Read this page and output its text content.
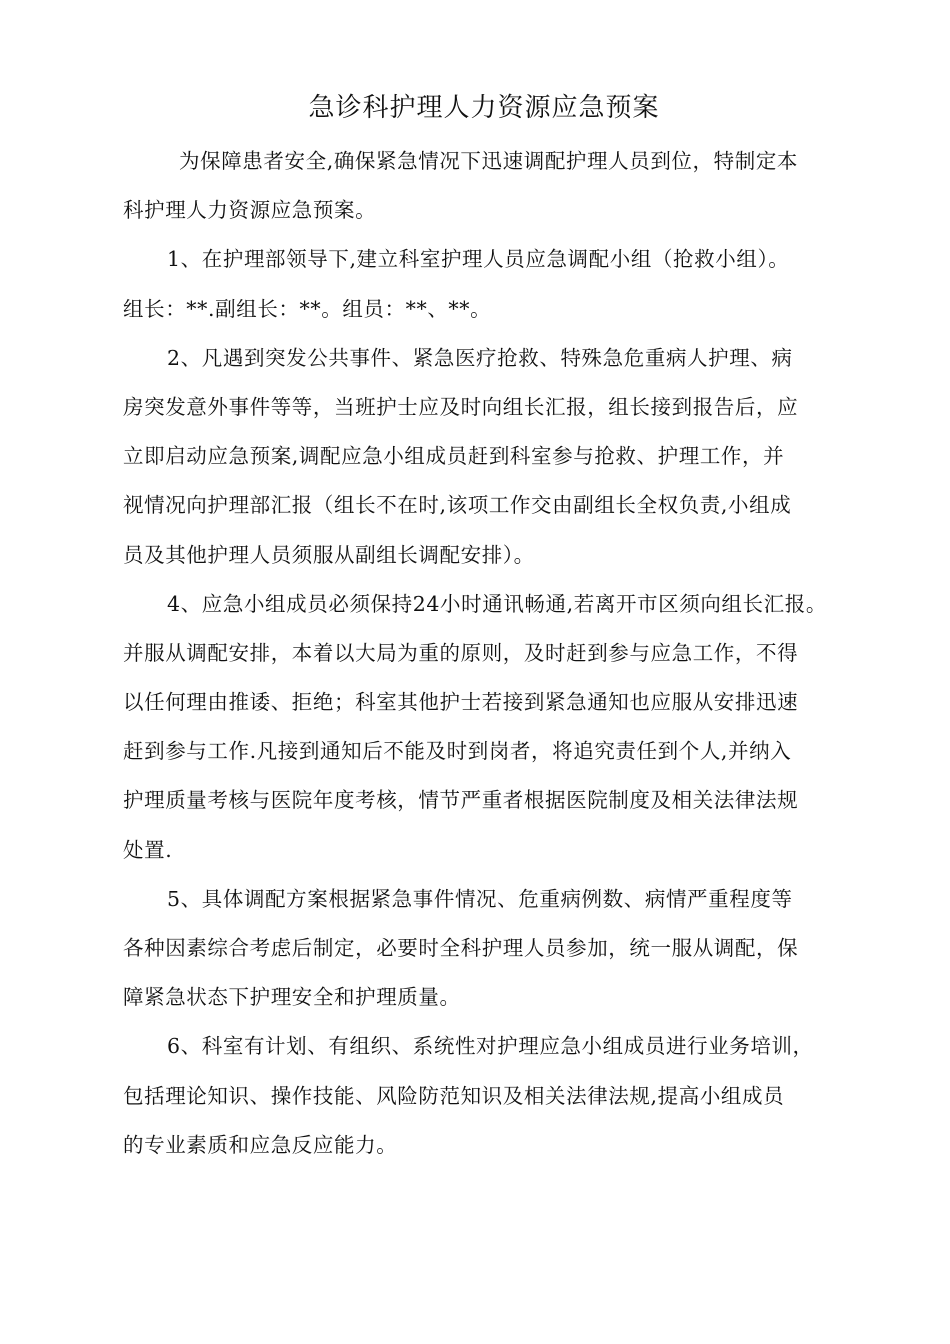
急诊科护理人力资源应急预案
为保障患者安全,确保紧急情况下迅速调配护理人员到位，特制定本
科护理人力资源应急预案。
1、在护理部领导下,建立科室护理人员应急调配小组（抢救小组）。
组长：**.副组长：**。组员：**、**。
2、凡遇到突发公共事件、紧急医疗抢救、特殊急危重病人护理、病
房突发意外事件等等，当班护士应及时向组长汇报，组长接到报告后，应
立即启动应急预案,调配应急小组成员赶到科室参与抢救、护理工作，并
视情况向护理部汇报（组长不在时,该项工作交由副组长全权负责,小组成
员及其他护理人员须服从副组长调配安排）。
4、应急小组成员必须保持24小时通讯畅通,若离开市区须向组长汇报。
并服从调配安排，本着以大局为重的原则，及时赶到参与应急工作，不得
以任何理由推诿、拒绝；科室其他护士若接到紧急通知也应服从安排迅速
赶到参与工作.凡接到通知后不能及时到岗者，将追究责任到个人,并纳入
护理质量考核与医院年度考核，情节严重者根据医院制度及相关法律法规
处置.
5、具体调配方案根据紧急事件情况、危重病例数、病情严重程度等
各种因素综合考虑后制定，必要时全科护理人员参加，统一服从调配，保
障紧急状态下护理安全和护理质量。
6、科室有计划、有组织、系统性对护理应急小组成员进行业务培训，
包括理论知识、操作技能、风险防范知识及相关法律法规,提高小组成员
的专业素质和应急反应能力。
